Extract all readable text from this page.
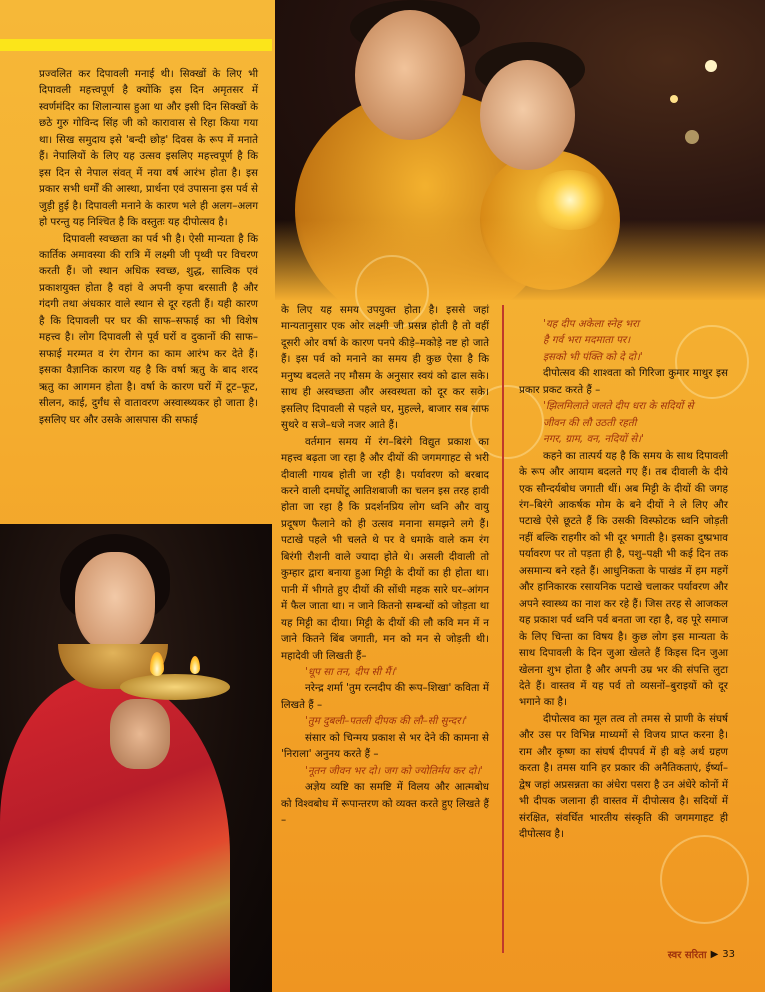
प्रज्वलित कर दिपावली मनाई थी। सिक्खों के लिए भी दिपावली महत्त्वपूर्ण है क्योंकि इस दिन अमृतसर में स्वर्णमंदिर का शिलान्यास हुआ था और इसी दिन सिक्खों के छठे गुरु गोविन्द सिंह जी को कारावास से रिहा किया गया था। सिख समुदाय इसे 'बन्दी छोड़' दिवस के रूप में मनाते हैं। नेपालियों के लिए यह उत्सव इसलिए महत्त्वपूर्ण है कि इस दिन से नेपाल संवत् में नया वर्ष आरंभ होता है। इस प्रकार सभी धर्मों की आस्था, प्रार्थना एवं उपासना इस पर्व से जुड़ी हुई है। दिपावली मनाने के कारण भले ही अलग–अलग हो परन्तु यह निश्चित है कि वस्तुतः यह दीपोत्सव है।

दिपावली स्वच्छता का पर्व भी है। ऐसी मान्यता है कि कार्तिक अमावस्या की रात्रि में लक्ष्मी जी पृथ्वी पर विचरण करती हैं। जो स्थान अधिक स्वच्छ, शुद्ध, सात्विक एवं प्रकाशयुक्त होता है वहां वे अपनी कृपा बरसाती है और गंदगी तथा अंधकार वाले स्थान से दूर रहती हैं। यही कारण है कि दिपावली पर घर की साफ–सफाई का भी विशेष महत्त्व है। लोग दिपावली से पूर्व घरों व दुकानों की साफ–सफाई मरम्मत व रंग रोगन का काम आरंभ कर देते हैं। इसका वैज्ञानिक कारण यह है कि वर्षा ऋतु के बाद शरद ऋतु का आगमन होता है। वर्षा के कारण घरों में टूट–फूट, सीलन, काई, दुर्गंध से वातावरण अस्वास्थ्यकर हो जाता है। इसलिए घर और उसके आसपास की सफाई

के लिए यह समय उपयुक्त होता है। इससे जहां मान्यतानुसार एक ओर लक्ष्मी जी प्रसन्न होती है तो वहीं दूसरी ओर वर्षा के कारण पनपे कीड़े–मकोड़े नष्ट हो जाते हैं। इस पर्व को मनाने का समय ही कुछ ऐसा है कि मनुष्य बदलते नए मौसम के अनुसार स्वयं को ढाल सके। साथ ही अस्वच्छता और अस्वस्थता को दूर कर सके। इसलिए दिपावली से पहले घर, मुहल्ले, बाजार सब साफ सुथरे व सजे–धजे नजर आते हैं।

वर्तमान समय में रंग–बिरंगे विद्युत प्रकाश का महत्त्व बढ़ता जा रहा है और दीयों की जगमगाहट से भरी दीवाली गायब होती जा रही है। पर्यावरण को बरबाद करने वाली दमघोंटू आतिशबाजी का चलन इस तरह हावी होता जा रहा है कि प्रदर्शनप्रिय लोग ध्वनि और वायु प्रदूषण फैलाने को ही उत्सव मनाना समझने लगे हैं। पटाखे पहले भी चलते थे पर वे धमाके वाले कम रंग बिरंगी रौशनी वाले ज्यादा होते थे। असली दीवाली तो कुम्हार द्वारा बनाया हुआ मिट्टी के दीयों का ही होता था। पानी में भीगते हुए दीयों की सोंधी महक सारे घर–आंगन में फैल जाता था। न जाने कितनो सम्बन्धों को जोड़ता था यह मिट्टी का दीया। मिट्टी के दीयों की लौ कवि मन में न जाने कितने बिंब जगाती, मन को मन से जोड़ती थी। महादेवी जी लिखती हैं–

'धूप सा तन, दीप सी मैं।'

नरेन्द्र शर्मा 'तुम रत्नदीप की रूप–शिखा' कविता में लिखते हैं –

'तुम दुबली–पतली दीपक की लौ–सी सुन्दर।'

संसार को चिन्मय प्रकाश से भर देने की कामना से 'निराला' अनुनय करते हैं –

'नूतन जीवन भर दो। जग को ज्योतिर्मय कर दो।'

अज्ञेय व्यष्टि का समष्टि में विलय और आत्मबोध को विश्वबोध में रूपान्तरण को व्यक्त करते हुए लिखते हैं –

'यह दीप अकेला स्नेह भरा

है गर्व भरा मदमाता पर।

इसको भी पंक्ति को दे दो।'

दीपोत्सव की शाश्वता को गिरिजा कुमार माथुर इस प्रकार प्रकट करते हैं –

'झिलमिलाते जलते दीप धरा के सदियों से

जीवन की लौ उठती रहती

नगर, ग्राम, वन, नदियों से।'

कहने का तात्पर्य यह है कि समय के साथ दिपावली के रूप और आयाम बदलते गए हैं। तब दीवाली के दीये एक सौन्दर्यबोध जगाती थीं। अब मिट्टी के दीयों की जगह रंग–बिरंगे आकर्षक मोम के बने दीयों ने ले लिए और पटाखे ऐसे छूटते हैं कि उसकी विस्फोटक ध्वनि जोड़ती नहीं बल्कि राहगीर को भी दूर भगाती है। इसका दुष्प्रभाव पर्यावरण पर तो पड़ता ही है, पशु–पक्षी भी कई दिन तक असमान्य बने रहते हैं। आधुनिकता के पाखंड में हम महगें और हानिकारक रसायनिक पटाखे चलाकर पर्यावरण और अपने स्वास्थ्य का नाश कर रहे हैं। जिस तरह से आजकल यह प्रकाश पर्व ध्वनि पर्व बनता जा रहा है, वह पूरे समाज के लिए चिन्ता का विषय है। कुछ लोग इस मान्यता के साथ दिपावली के दिन जुआ खेलते हैं किइस दिन जुआ खेलना शुभ होता है और अपनी उम्र भर की संपत्ति लुटा देते हैं। वास्तव में यह पर्व तो व्यसनों–बुराइयों को दूर भगाने का है।

दीपोत्सव का मूल तत्व तो तमस से प्राणी के संघर्ष और उस पर विभिन्न माध्यमों से विजय प्राप्त करना है। राम और कृष्ण का संघर्ष दीपपर्व में ही बड़े अर्थ ग्रहण करता है। तमस यानि हर प्रकार की अनैतिकताएं, ईर्ष्या–द्वेष जहां अप्रसन्नता का अंधेरा पसरा है उन अंधेरे कोनों में भी दीपक जलाना ही वास्तव में दीपोत्सव है। सदियों में संरक्षित, संवर्धित भारतीय संस्कृति की जगमगाहट ही दीपोत्सव है।

स्वर सरिता ▶ 33
